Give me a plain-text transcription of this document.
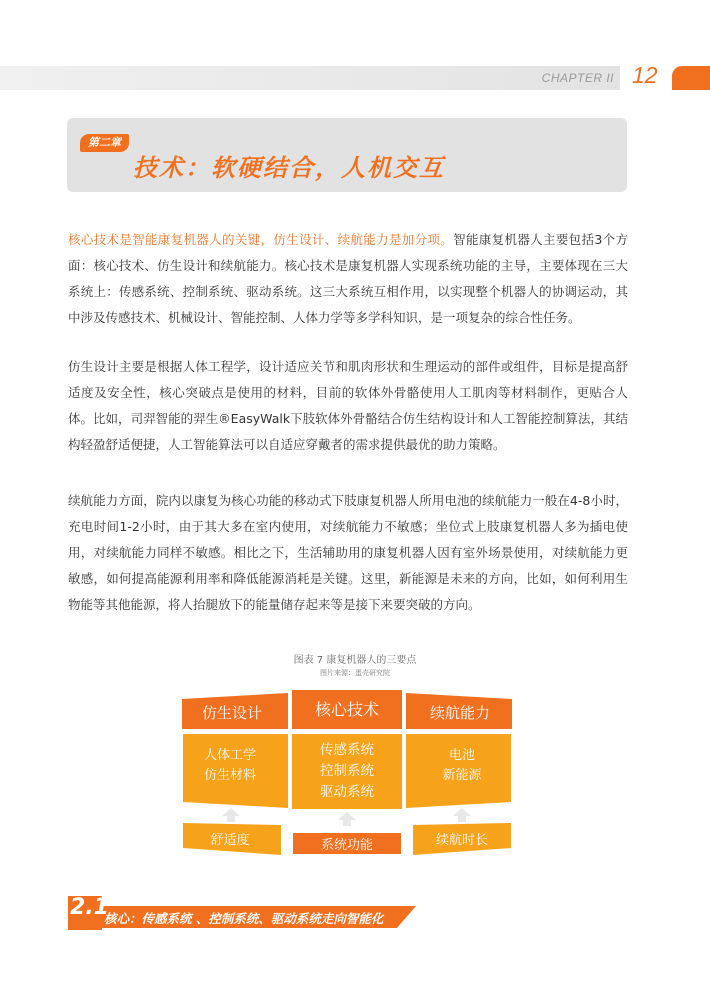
CHAPTER II 12
第二章
技术：软硬结合，人机交互
核心技术是智能康复机器人的关键，仿生设计、续航能力是加分项。智能康复机器人主要包括3个方面：核心技术、仿生设计和续航能力。核心技术是康复机器人实现系统功能的主导，主要体现在三大系统上：传感系统、控制系统、驱动系统。这三大系统互相作用，以实现整个机器人的协调运动，其中涉及传感技术、机械设计、智能控制、人体力学等多学科知识，是一项复杂的综合性任务。
仿生设计主要是根据人体工程学，设计适应关节和肌肉形状和生理运动的部件或组件，目标是提高舒适度及安全性，核心突破点是使用的材料，目前的软体外骨骼使用人工肌肉等材料制作，更贴合人体。比如，司羿智能的羿生®EasyWalk下肢软体外骨骼结合仿生结构设计和人工智能控制算法，其结构轻盈舒适便捷，人工智能算法可以自适应穿戴者的需求提供最优的助力策略。
续航能力方面，院内以康复为核心功能的移动式下肢康复机器人所用电池的续航能力一般在4-8小时，充电时间1-2小时，由于其大多在室内使用，对续航能力不敏感；坐位式上肢康复机器人多为插电使用，对续航能力同样不敏感。相比之下，生活辅助用的康复机器人因有室外场景使用，对续航能力更敏感，如何提高能源利用率和降低能源消耗是关键。这里，新能源是未来的方向，比如，如何利用生物能等其他能源，将人抬腿放下的能量储存起来等是接下来要突破的方向。
图表 7 康复机器人的三要点
图片来源：蛋壳研究院
仿生设计	核心技术	续航能力
人体工学
仿生材料
传感系统
控制系统
驱动系统
电池
新能源
舒适度	系统功能	续航时长
2.1
核心：传感系统 、控制系统、驱动系统走向智能化
